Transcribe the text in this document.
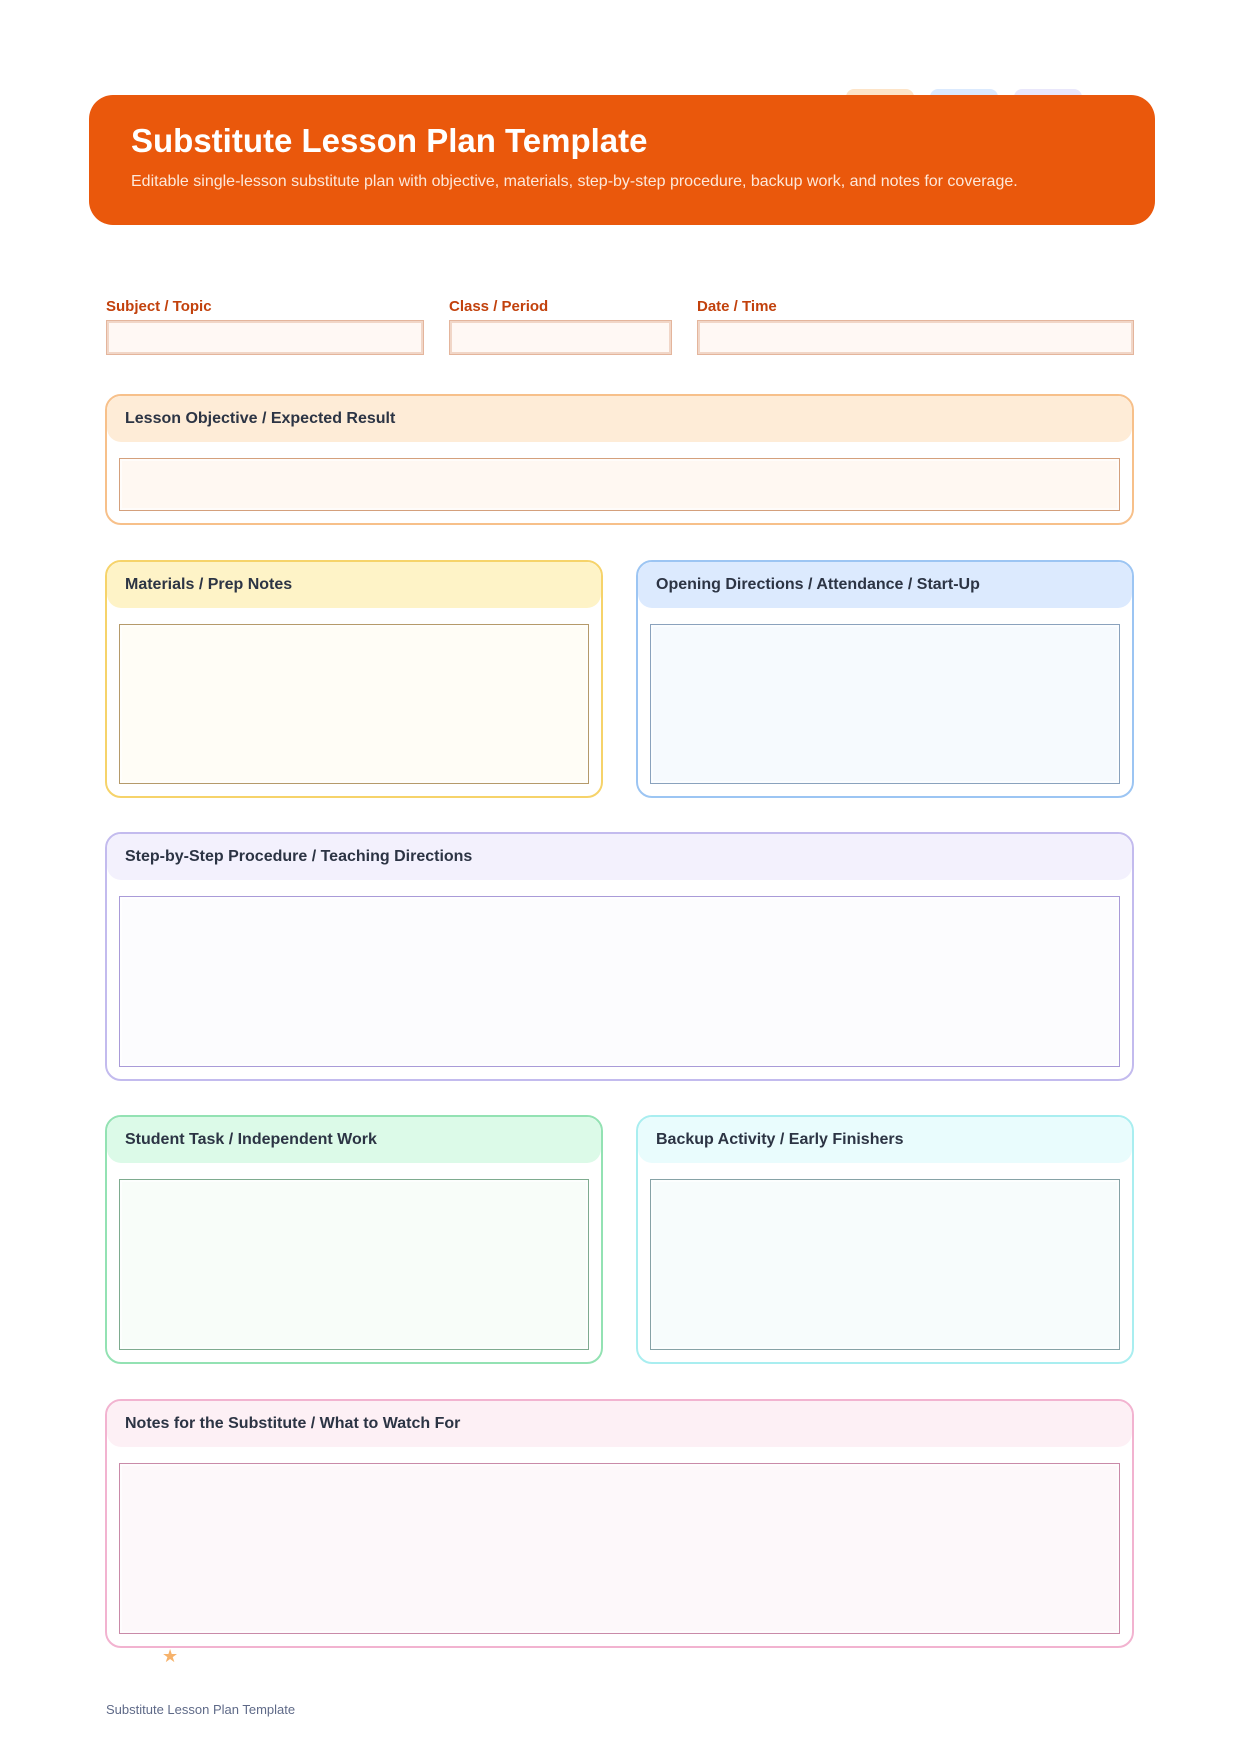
Substitute Lesson Plan Template

Editable single-lesson substitute plan with objective, materials, step-by-step procedure, backup work, and notes for coverage.

Subject / Topic	Class / Period	Date / Time
Lesson Objective / Expected Result
Materials / Prep Notes	Opening Directions / Attendance / Start-Up
Step-by-Step Procedure / Teaching Directions
Student Task / Independent Work	Backup Activity / Early Finishers
Notes for the Substitute / What to Watch For
★
Substitute Lesson Plan Template
